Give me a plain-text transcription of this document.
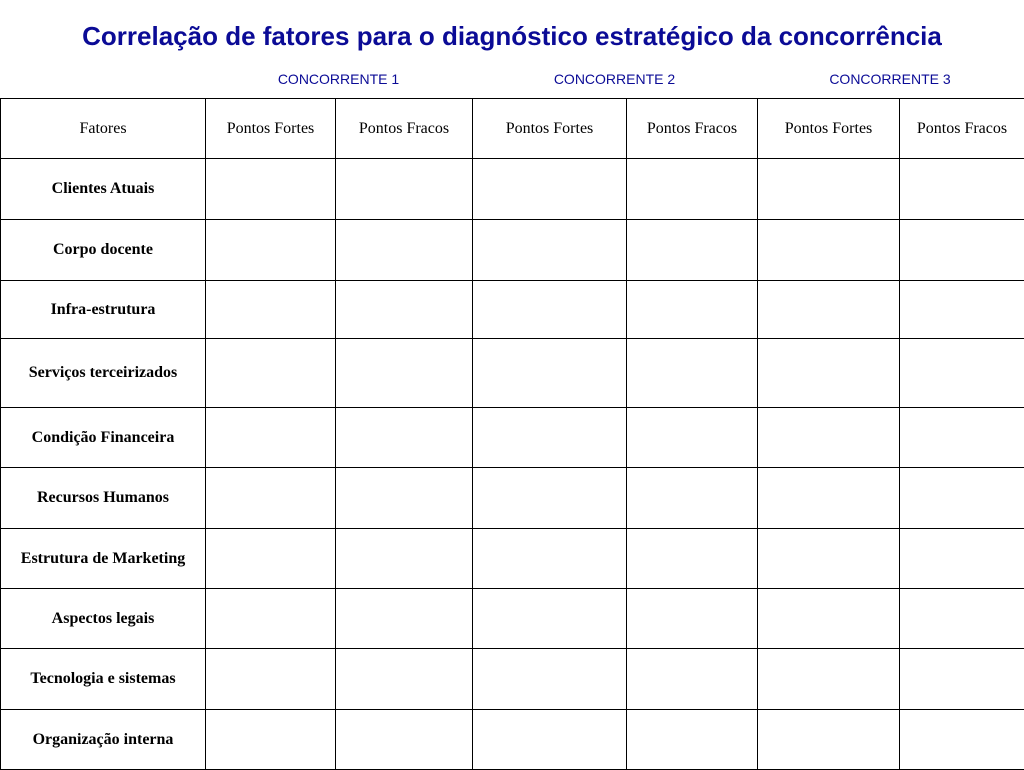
Correlação de fatores para o diagnóstico estratégico da concorrência
CONCORRENTE 1	CONCORRENTE 2	CONCORRENTE 3
Fatores	Pontos Fortes	Pontos Fracos	Pontos Fortes	Pontos Fracos	Pontos Fortes	Pontos Fracos
Clientes Atuais						
Corpo docente						
Infra-estrutura						
Serviços terceirizados						
Condição Financeira						
Recursos Humanos						
Estrutura de Marketing						
Aspectos legais						
Tecnologia e sistemas						
Organização interna						
